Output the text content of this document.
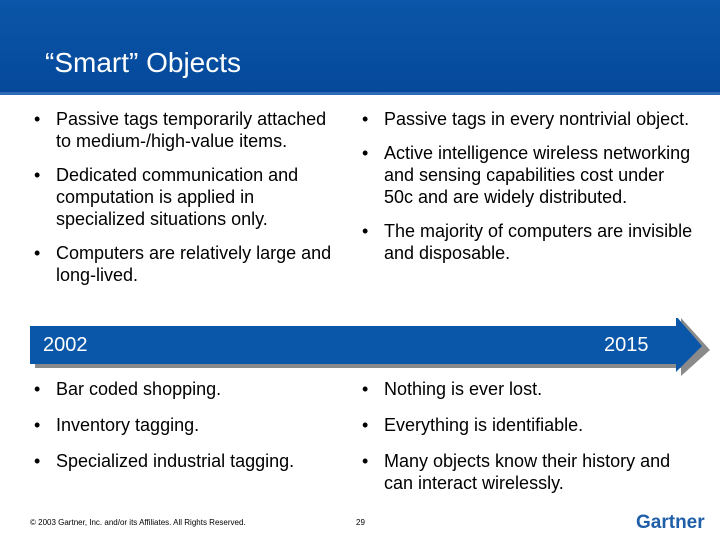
“Smart” Objects
• Passive tags temporarily attached to medium-/high-value items.
• Dedicated communication and computation is applied in specialized situations only.
• Computers are relatively large and long-lived.
• Passive tags in every nontrivial object.
• Active intelligence wireless networking and sensing capabilities cost under 50c and are widely distributed.
• The majority of computers are invisible and disposable.
2002	2015
• Bar coded shopping.
• Inventory tagging.
• Specialized industrial tagging.
• Nothing is ever lost.
• Everything is identifiable.
• Many objects know their history and can interact wirelessly.
© 2003 Gartner, Inc. and/or its Affiliates. All Rights Reserved.	29	Gartner
